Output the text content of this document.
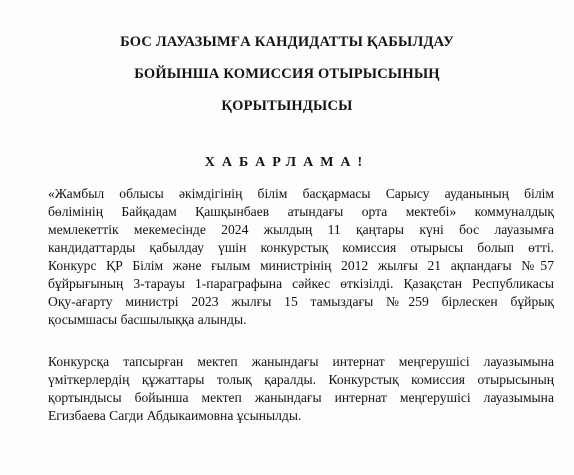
БОС ЛАУАЗЫМҒА КАНДИДАТТЫ ҚАБЫЛДАУ
БОЙЫНША КОМИССИЯ ОТЫРЫСЫНЫҢ
ҚОРЫТЫНДЫСЫ
ХАБАРЛАМА!
«Жамбыл облысы әкімдігінің білім басқармасы Сарысу ауданының білім
бөлімінің Байқадам Қашқынбаев атындағы орта мектебі» коммуналдық
мемлекеттік мекемесінде 2024 жылдың 11 қаңтары күні бос лауазымға
кандидаттарды қабылдау үшін конкурстық комиссия отырысы болып өтті.
Конкурс ҚР Білім және ғылым министрінің 2012 жылғы 21 ақпандағы №57
бұйрығының 3-тарауы 1-параграфына сәйкес өткізілді. Қазақстан Республикасы
Оқу-ағарту министрі 2023 жылғы 15 тамыздағы №259 бірлескен бұйрық
қосымшасы басшылыққа алынды.
Конкурсқа тапсырған мектеп жанындағы интернат меңгерушісі лауазымына
үміткерлердің құжаттары толық қаралды. Конкурстық комиссия отырысының
қортындысы бойынша мектеп жанындағы интернат меңгерушісі лауазымына
Егизбаева Сагди Абдыкаимовна ұсынылды.
